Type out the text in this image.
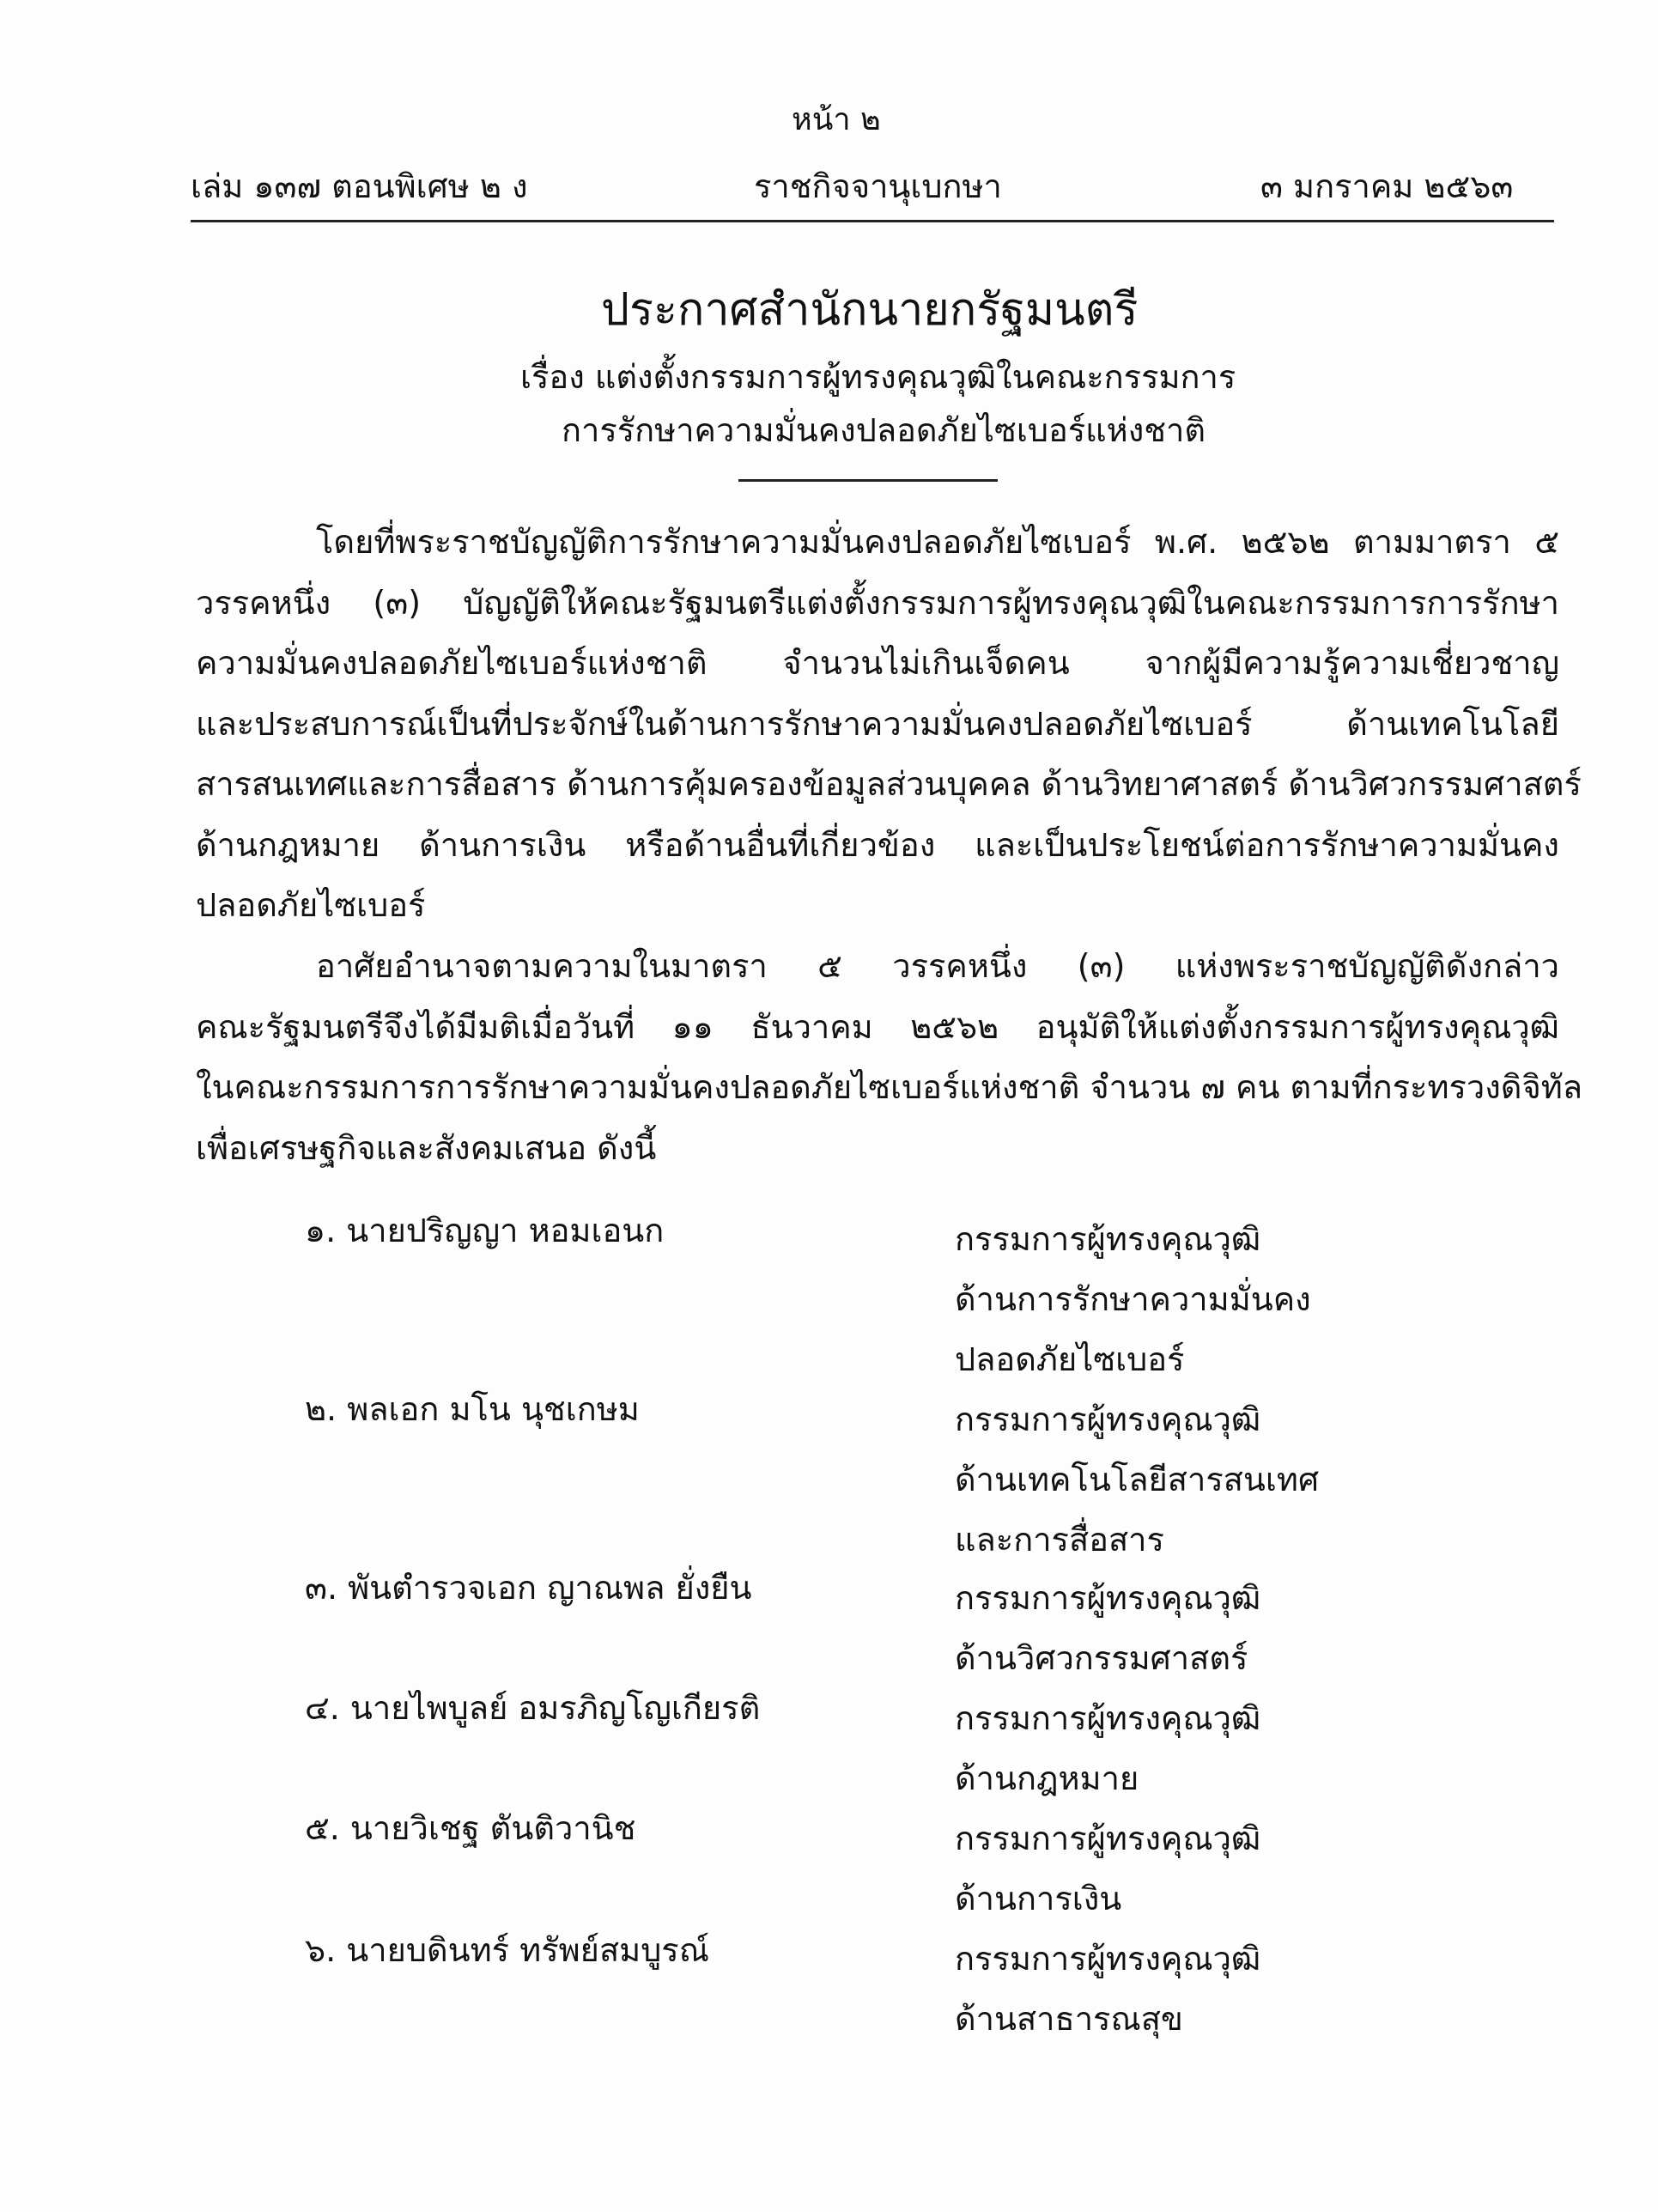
หน้า ๒
เล่ม ๑๓๗ ตอนพิเศษ ๒ ง	ราชกิจจานุเบกษา	๓ มกราคม ๒๕๖๓
ประกาศสำนักนายกรัฐมนตรี
เรื่อง แต่งตั้งกรรมการผู้ทรงคุณวุฒิในคณะกรรมการ
การรักษาความมั่นคงปลอดภัยไซเบอร์แห่งชาติ
โดยที่พระราชบัญญัติการรักษาความมั่นคงปลอดภัยไซเบอร์ พ.ศ. ๒๕๖๒ ตามมาตรา ๕
วรรคหนึ่ง (๓) บัญญัติให้คณะรัฐมนตรีแต่งตั้งกรรมการผู้ทรงคุณวุฒิในคณะกรรมการการรักษา
ความมั่นคงปลอดภัยไซเบอร์แห่งชาติ จำนวนไม่เกินเจ็ดคน จากผู้มีความรู้ความเชี่ยวชาญ
และประสบการณ์เป็นที่ประจักษ์ในด้านการรักษาความมั่นคงปลอดภัยไซเบอร์ ด้านเทคโนโลยี
สารสนเทศและการสื่อสาร ด้านการคุ้มครองข้อมูลส่วนบุคคล ด้านวิทยาศาสตร์ ด้านวิศวกรรมศาสตร์
ด้านกฎหมาย ด้านการเงิน หรือด้านอื่นที่เกี่ยวข้อง และเป็นประโยชน์ต่อการรักษาความมั่นคง
ปลอดภัยไซเบอร์
อาศัยอำนาจตามความในมาตรา ๕ วรรคหนึ่ง (๓) แห่งพระราชบัญญัติดังกล่าว
คณะรัฐมนตรีจึงได้มีมติเมื่อวันที่ ๑๑ ธันวาคม ๒๕๖๒ อนุมัติให้แต่งตั้งกรรมการผู้ทรงคุณวุฒิ
ในคณะกรรมการการรักษาความมั่นคงปลอดภัยไซเบอร์แห่งชาติ จำนวน ๗ คน ตามที่กระทรวงดิจิทัล
เพื่อเศรษฐกิจและสังคมเสนอ ดังนี้
๑. นายปริญญา หอมเอนก	กรรมการผู้ทรงคุณวุฒิ
ด้านการรักษาความมั่นคง
ปลอดภัยไซเบอร์
๒. พลเอก มโน นุชเกษม	กรรมการผู้ทรงคุณวุฒิ
ด้านเทคโนโลยีสารสนเทศ
และการสื่อสาร
๓. พันตำรวจเอก ญาณพล ยั่งยืน	กรรมการผู้ทรงคุณวุฒิ
ด้านวิศวกรรมศาสตร์
๔. นายไพบูลย์ อมรภิญโญเกียรติ	กรรมการผู้ทรงคุณวุฒิ
ด้านกฎหมาย
๕. นายวิเชฐ ตันติวานิช	กรรมการผู้ทรงคุณวุฒิ
ด้านการเงิน
๖. นายบดินทร์ ทรัพย์สมบูรณ์	กรรมการผู้ทรงคุณวุฒิ
ด้านสาธารณสุข
